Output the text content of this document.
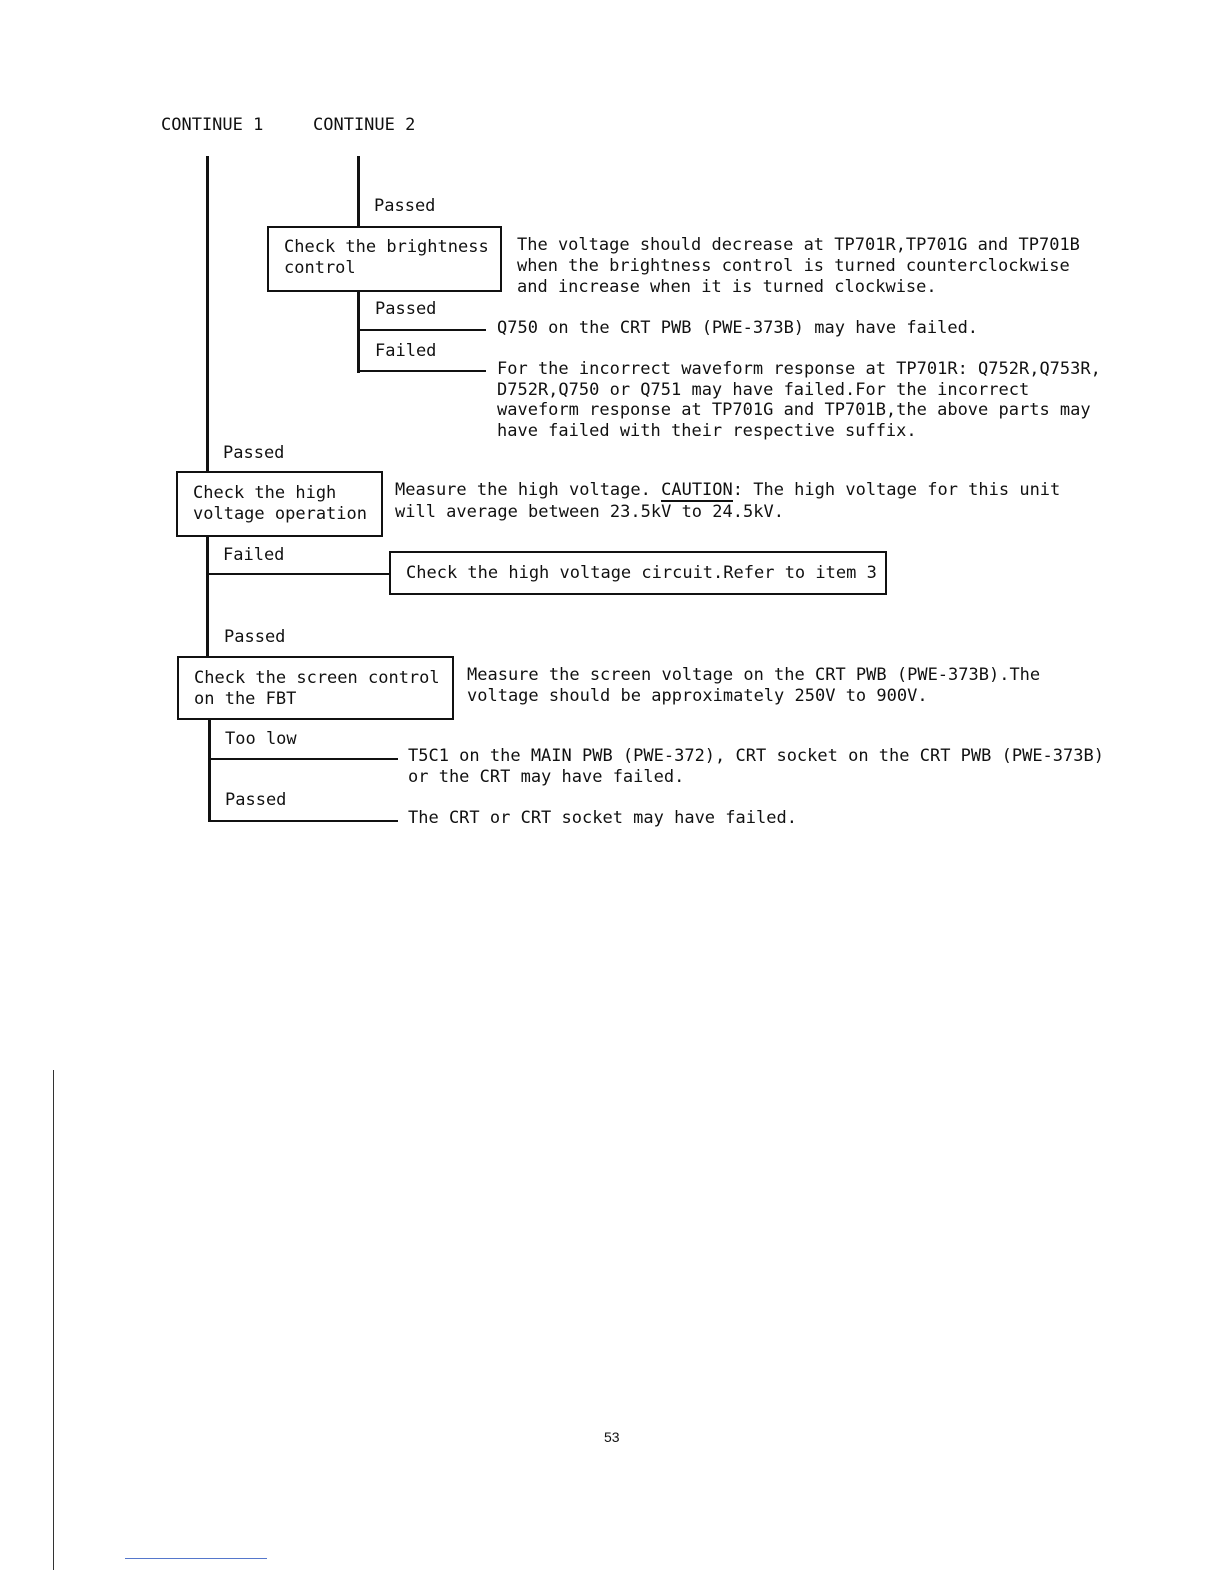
CONTINUE 1	CONTINUE 2
Passed
Check the brightness
control
The voltage should decrease at TP701R,TP701G and TP701B
when the brightness control is turned counterclockwise
and increase when it is turned clockwise.
Passed
Q750 on the CRT PWB (PWE-373B) may have failed.
Failed
For the incorrect waveform response at TP701R: Q752R,Q753R,
D752R,Q750 or Q751 may have failed.For the incorrect
waveform response at TP701G and TP701B,the above parts may
have failed with their respective suffix.
Passed
Check the high
voltage operation
Measure the high voltage. CAUTION: The high voltage for this unit
will average between 23.5kV to 24.5kV.
Failed
Check the high voltage circuit.Refer to item 3
Passed
Check the screen control
on the FBT
Measure the screen voltage on the CRT PWB (PWE-373B).The
voltage should be approximately 250V to 900V.
Too low
T5C1 on the MAIN PWB (PWE-372), CRT socket on the CRT PWB (PWE-373B)
or the CRT may have failed.
Passed
The CRT or CRT socket may have failed.
53
